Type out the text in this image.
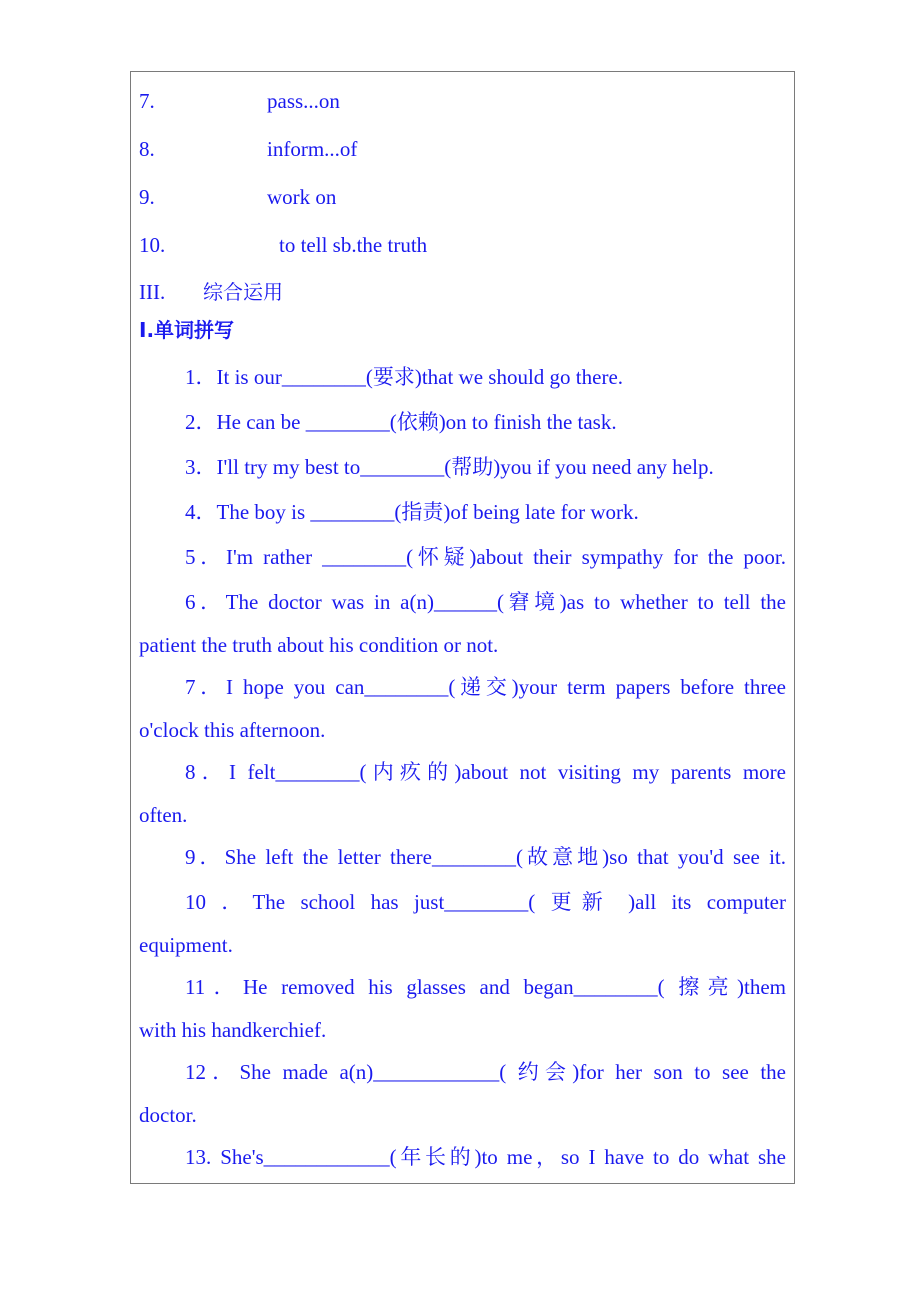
7.	pass...on
8.	inform...of
9.	work on
10.	to tell sb.the truth
III. 综合运用
Ⅰ.单词拼写
1．It is our________(要求)that we should go there.
2．He can be ________(依赖)on to finish the task.
3．I'll try my best to________(帮助)you if you need any help.
4．The boy is ________(指责)of being late for work.
5．I'm rather ________(怀疑)about their sympathy for the poor.
6．The doctor was in a(n)______(窘境)as to whether to tell the
patient the truth about his condition or not.
7．I hope you can________(递交)your term papers before three
o'clock this afternoon.
8．I felt________(内疚的)about not visiting my parents more
often.
9．She left the letter there________(故意地)so that you'd see it.
10 ．The school has just________( 更新 )all its computer
equipment.
11．He removed his glasses and began________( 擦亮)them
with his handkerchief.
12．She made a(n)____________( 约会)for her son to see the
doctor.
13. She's____________(年长的)to me，so I have to do what she
